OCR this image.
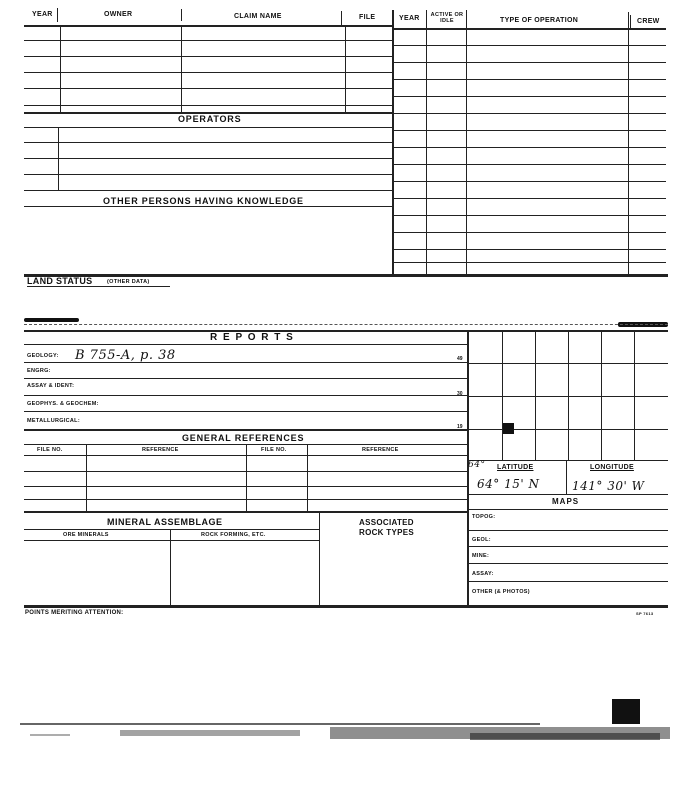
YEAR	OWNER	CLAIM NAME	FILE	YEAR	ACTIVE OR IDLE	TYPE OF OPERATION	CREW
OPERATORS
OTHER PERSONS HAVING KNOWLEDGE
LAND STATUS	(OTHER DATA)
R E P O R T S
GEOLOGY: B 755-A, p. 38	49
ENGRG:
ASSAY & IDENT:
30
GEOPHYS. & GEOCHEM:
METALLURGICAL:
19
GENERAL REFERENCES
FILE NO.	REFERENCE	FILE NO.	REFERENCE
MINERAL ASSEMBLAGE
ORE MINERALS	ROCK FORMING, ETC.
ASSOCIATED
ROCK TYPES
POINTS MERITING ATTENTION:	SP 7613
64° LATITUDE	LONGITUDE
64° 15' N	141° 30' W
MAPS
TOPOG:
GEOL:
MINE:
ASSAY:
OTHER (& PHOTOS)
